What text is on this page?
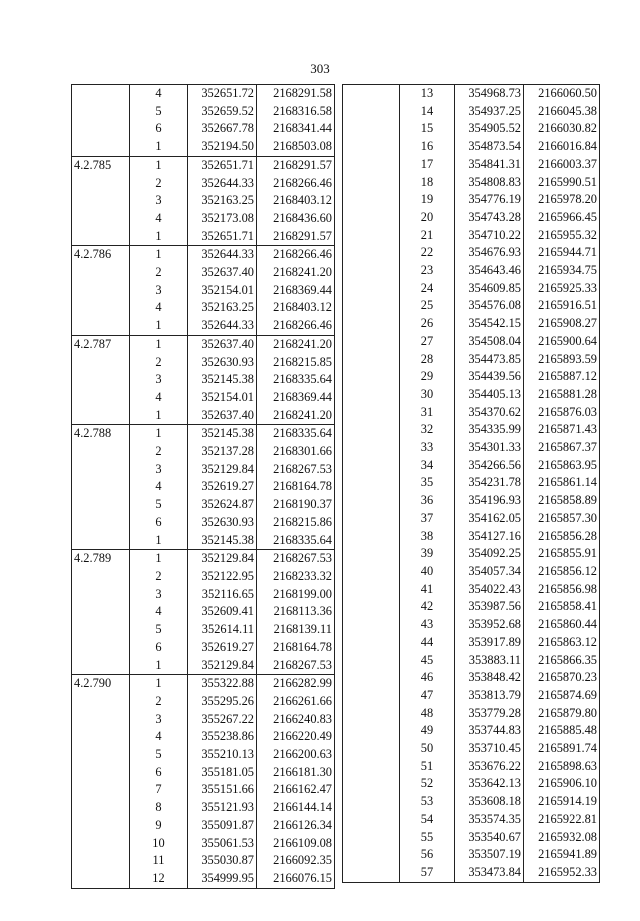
303
	4	352651.72	2168291.58
	5	352659.52	2168316.58
	6	352667.78	2168341.44
	1	352194.50	2168503.08
4.2.785	1	352651.71	2168291.57
	2	352644.33	2168266.46
	3	352163.25	2168403.12
	4	352173.08	2168436.60
	1	352651.71	2168291.57
4.2.786	1	352644.33	2168266.46
	2	352637.40	2168241.20
	3	352154.01	2168369.44
	4	352163.25	2168403.12
	1	352644.33	2168266.46
4.2.787	1	352637.40	2168241.20
	2	352630.93	2168215.85
	3	352145.38	2168335.64
	4	352154.01	2168369.44
	1	352637.40	2168241.20
4.2.788	1	352145.38	2168335.64
	2	352137.28	2168301.66
	3	352129.84	2168267.53
	4	352619.27	2168164.78
	5	352624.87	2168190.37
	6	352630.93	2168215.86
	1	352145.38	2168335.64
4.2.789	1	352129.84	2168267.53
	2	352122.95	2168233.32
	3	352116.65	2168199.00
	4	352609.41	2168113.36
	5	352614.11	2168139.11
	6	352619.27	2168164.78
	1	352129.84	2168267.53
4.2.790	1	355322.88	2166282.99
	2	355295.26	2166261.66
	3	355267.22	2166240.83
	4	355238.86	2166220.49
	5	355210.13	2166200.63
	6	355181.05	2166181.30
	7	355151.66	2166162.47
	8	355121.93	2166144.14
	9	355091.87	2166126.34
	10	355061.53	2166109.08
	11	355030.87	2166092.35
	12	354999.95	2166076.15
	13	354968.73	2166060.50
	14	354937.25	2166045.38
	15	354905.52	2166030.82
	16	354873.54	2166016.84
	17	354841.31	2166003.37
	18	354808.83	2165990.51
	19	354776.19	2165978.20
	20	354743.28	2165966.45
	21	354710.22	2165955.32
	22	354676.93	2165944.71
	23	354643.46	2165934.75
	24	354609.85	2165925.33
	25	354576.08	2165916.51
	26	354542.15	2165908.27
	27	354508.04	2165900.64
	28	354473.85	2165893.59
	29	354439.56	2165887.12
	30	354405.13	2165881.28
	31	354370.62	2165876.03
	32	354335.99	2165871.43
	33	354301.33	2165867.37
	34	354266.56	2165863.95
	35	354231.78	2165861.14
	36	354196.93	2165858.89
	37	354162.05	2165857.30
	38	354127.16	2165856.28
	39	354092.25	2165855.91
	40	354057.34	2165856.12
	41	354022.43	2165856.98
	42	353987.56	2165858.41
	43	353952.68	2165860.44
	44	353917.89	2165863.12
	45	353883.11	2165866.35
	46	353848.42	2165870.23
	47	353813.79	2165874.69
	48	353779.28	2165879.80
	49	353744.83	2165885.48
	50	353710.45	2165891.74
	51	353676.22	2165898.63
	52	353642.13	2165906.10
	53	353608.18	2165914.19
	54	353574.35	2165922.81
	55	353540.67	2165932.08
	56	353507.19	2165941.89
	57	353473.84	2165952.33
